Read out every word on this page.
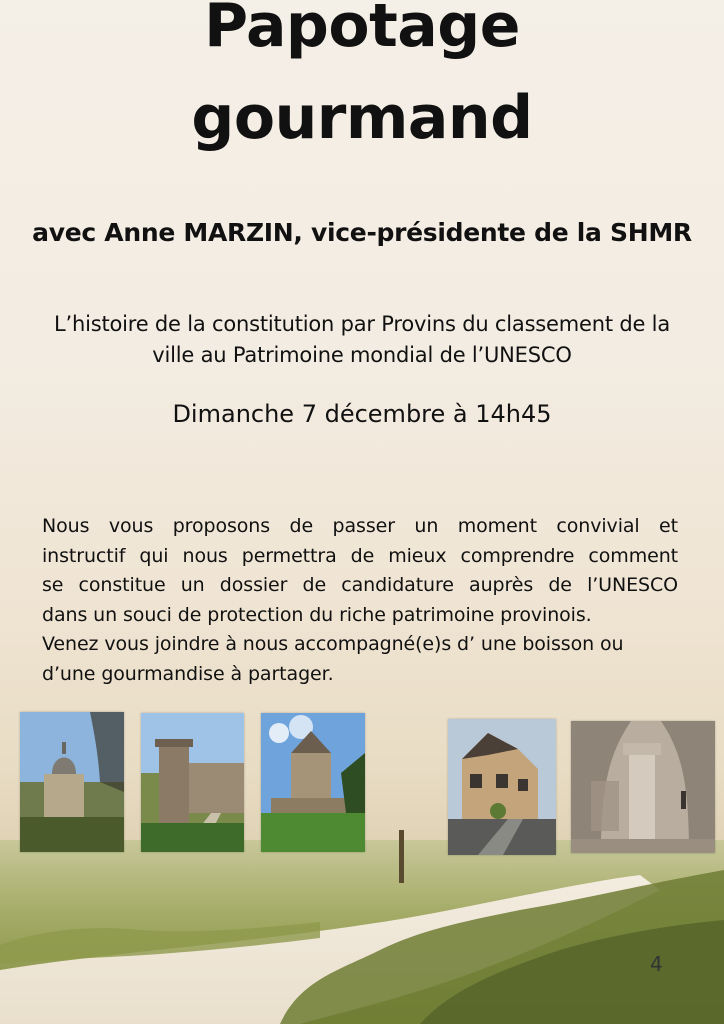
Papotage
gourmand
avec Anne MARZIN, vice-présidente de la SHMR
L’histoire de la constitution par Provins du classement de la
ville au Patrimoine mondial de l’UNESCO
Dimanche 7 décembre à 14h45
Nous vous proposons de passer un moment convivial et
instructif qui nous permettra de mieux comprendre comment
se constitue un dossier de candidature auprès de l’UNESCO
dans un souci de protection du riche patrimoine provinois.
Venez vous joindre à nous accompagné(e)s d’ une boisson ou
d’une gourmandise à partager.
4
